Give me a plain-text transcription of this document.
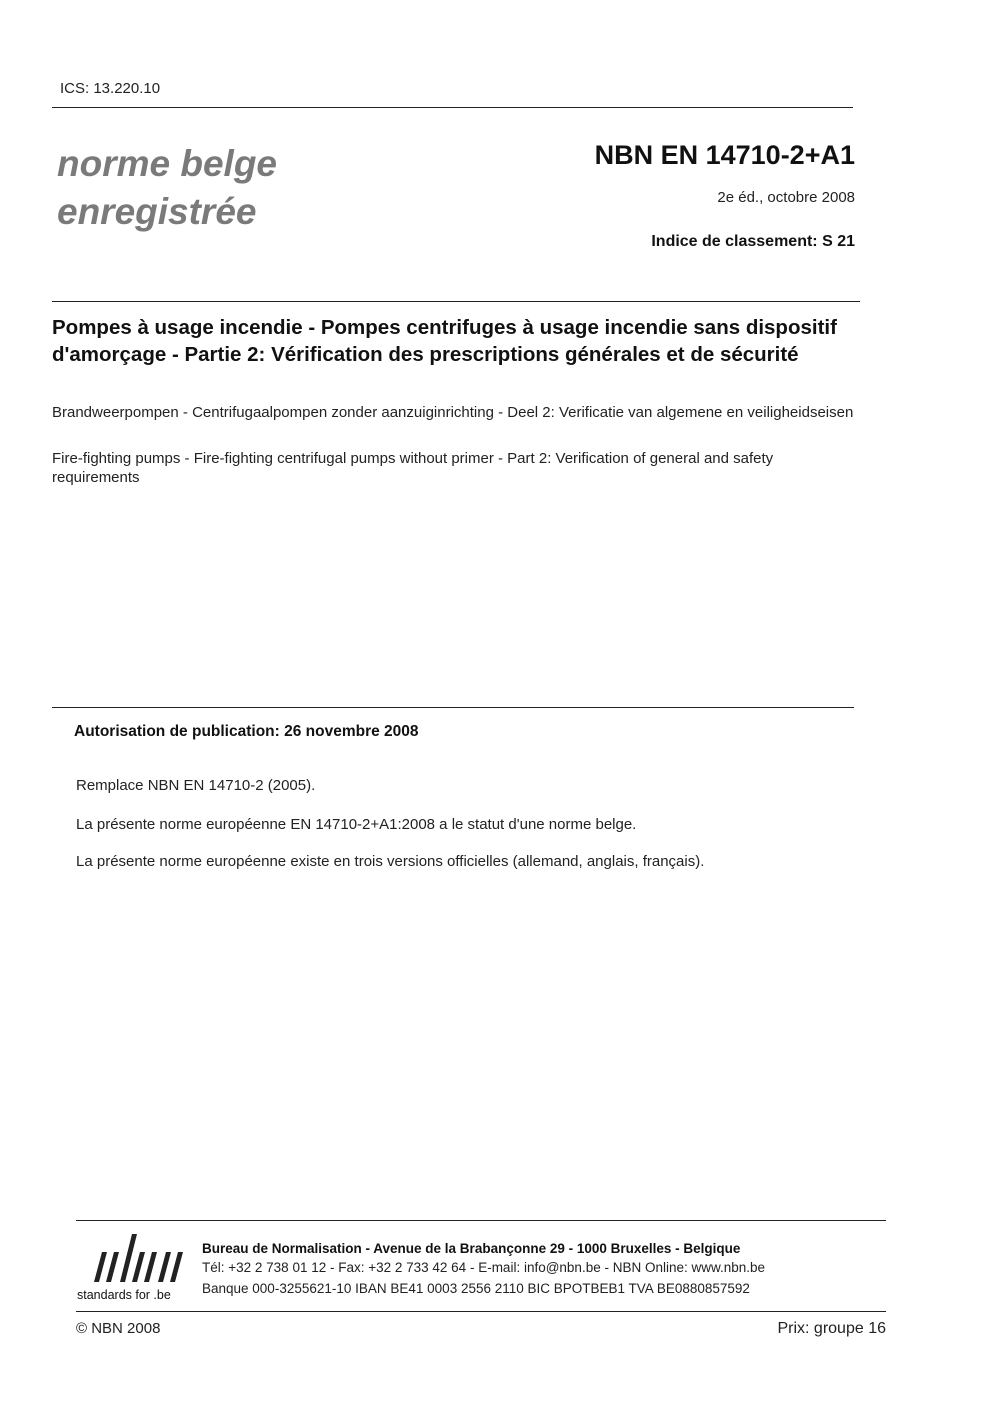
ICS: 13.220.10
norme belge
enregistrée
NBN EN 14710-2+A1
2e éd., octobre 2008
Indice de classement: S 21
Pompes à usage incendie - Pompes centrifuges à usage incendie sans dispositif d'amorçage - Partie 2: Vérification des prescriptions générales et de sécurité
Brandweerpompen - Centrifugaalpompen zonder aanzuiginrichting - Deel 2: Verificatie van algemene en veiligheidseisen
Fire-fighting pumps - Fire-fighting centrifugal pumps without primer - Part 2: Verification of general and safety requirements
Autorisation de publication: 26 novembre 2008
Remplace NBN EN 14710-2 (2005).
La présente norme européenne EN 14710-2+A1:2008 a le statut d'une norme belge.
La présente norme européenne existe en trois versions officielles (allemand, anglais, français).
standards for .be
Bureau de Normalisation - Avenue de la Brabançonne 29 - 1000 Bruxelles - Belgique
Tél: +32 2 738 01 12 - Fax: +32 2 733 42 64 - E-mail: info@nbn.be - NBN Online: www.nbn.be
Banque 000-3255621-10 IBAN BE41 0003 2556 2110 BIC BPOTBEB1 TVA BE0880857592
© NBN 2008	Prix: groupe 16
